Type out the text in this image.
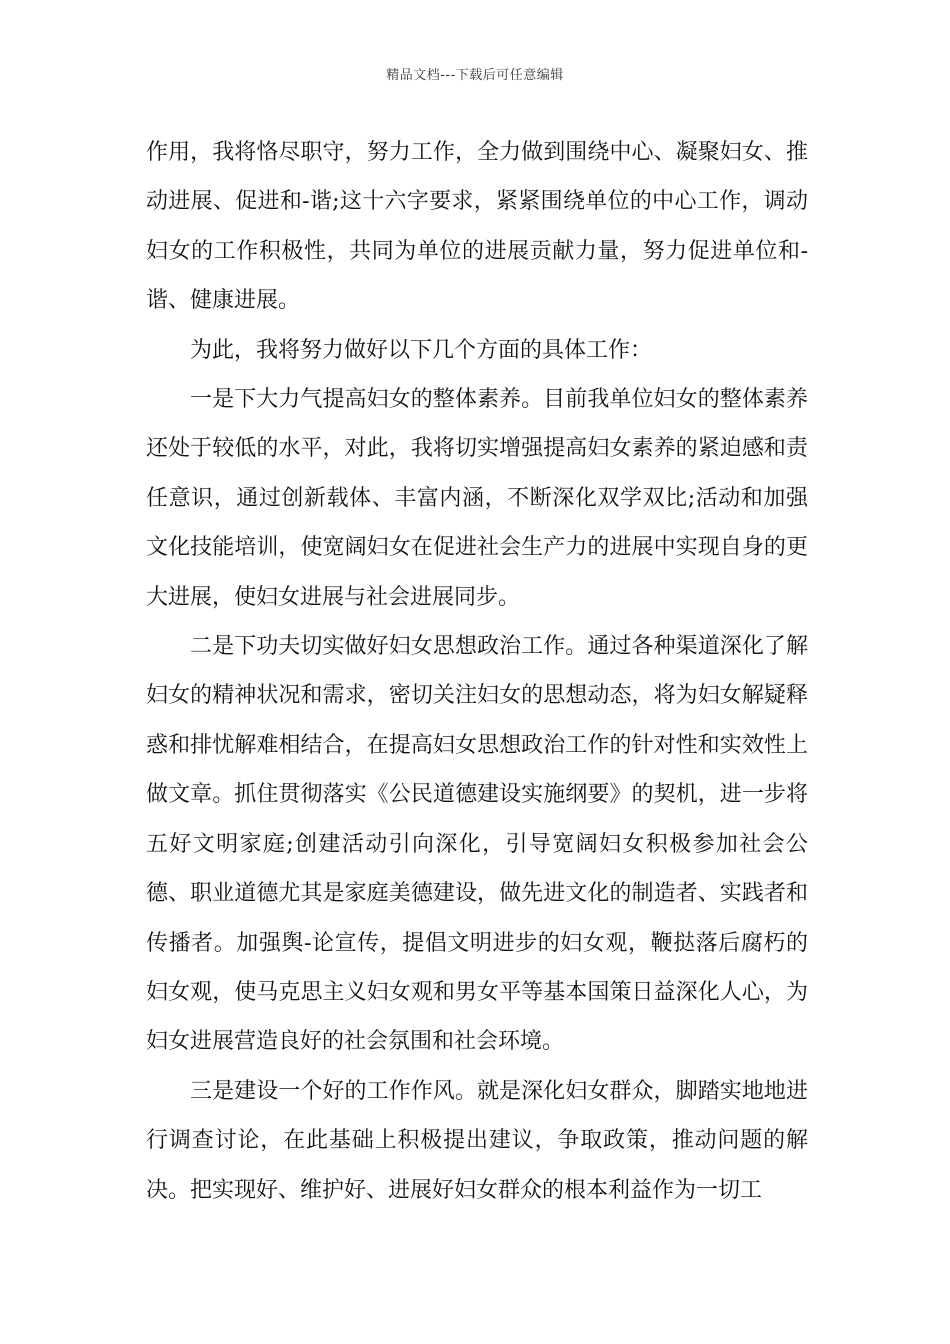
精品文档---下载后可任意编辑

作用，我将恪尽职守，努力工作，全力做到围绕中心、凝聚妇女、推动进展、促进和-谐;这十六字要求，紧紧围绕单位的中心工作，调动妇女的工作积极性，共同为单位的进展贡献力量，努力促进单位和-谐、健康进展。

为此，我将努力做好以下几个方面的具体工作：

一是下大力气提高妇女的整体素养。目前我单位妇女的整体素养还处于较低的水平，对此，我将切实增强提高妇女素养的紧迫感和责任意识，通过创新载体、丰富内涵，不断深化双学双比;活动和加强文化技能培训，使宽阔妇女在促进社会生产力的进展中实现自身的更大进展，使妇女进展与社会进展同步。

二是下功夫切实做好妇女思想政治工作。通过各种渠道深化了解妇女的精神状况和需求，密切关注妇女的思想动态，将为妇女解疑释惑和排忧解难相结合，在提高妇女思想政治工作的针对性和实效性上做文章。抓住贯彻落实《公民道德建设实施纲要》的契机，进一步将五好文明家庭;创建活动引向深化，引导宽阔妇女积极参加社会公德、职业道德尤其是家庭美德建设，做先进文化的制造者、实践者和传播者。加强舆-论宣传，提倡文明进步的妇女观，鞭挞落后腐朽的妇女观，使马克思主义妇女观和男女平等基本国策日益深化人心，为妇女进展营造良好的社会氛围和社会环境。

三是建设一个好的工作作风。就是深化妇女群众，脚踏实地地进行调查讨论，在此基础上积极提出建议，争取政策，推动问题的解决。把实现好、维护好、进展好妇女群众的根本利益作为一切工
